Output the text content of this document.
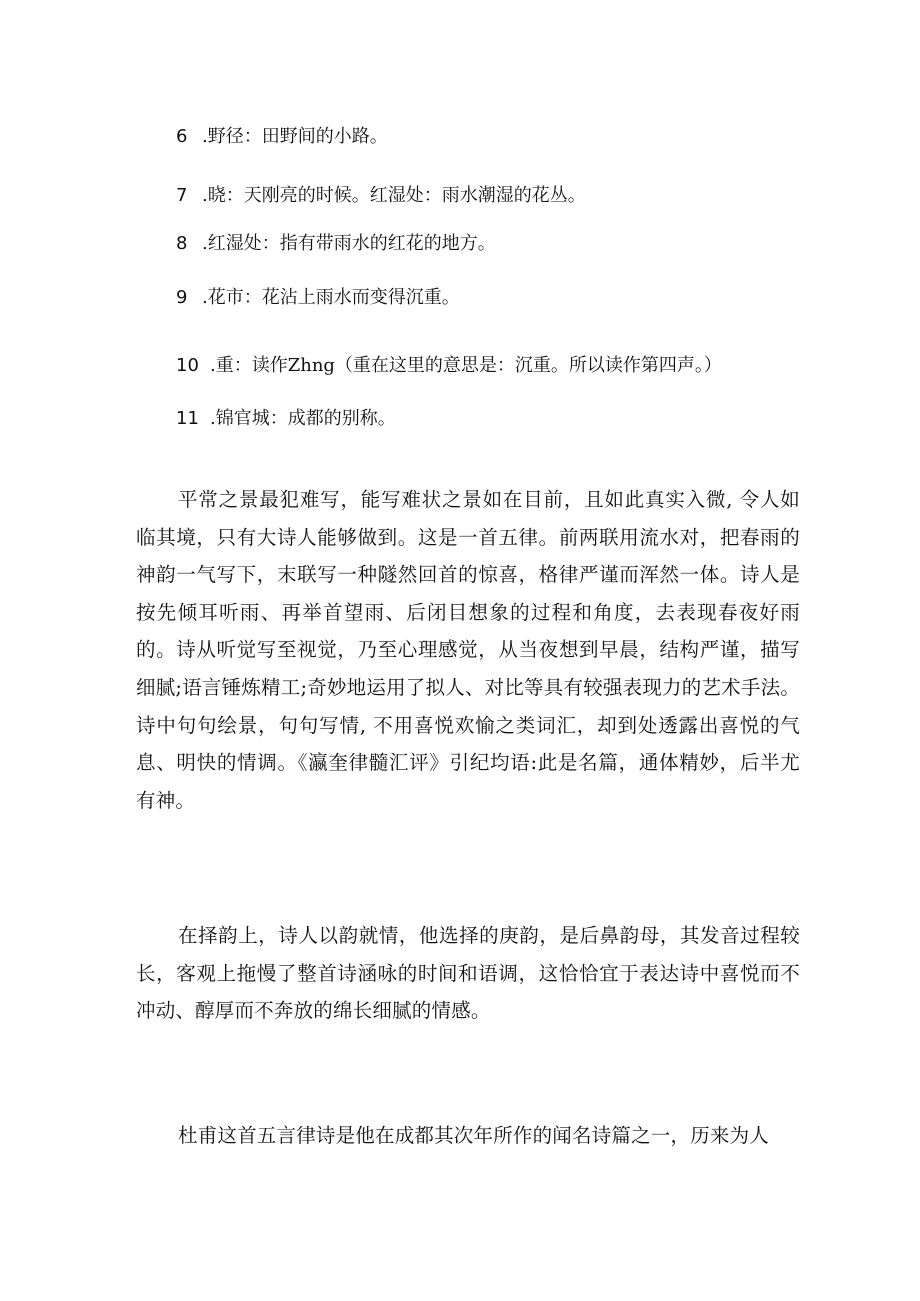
6 .野径：田野间的小路。
7 .晓：天刚亮的时候。红湿处：雨水潮湿的花丛。
8 .红湿处：指有带雨水的红花的地方。
9 .花市：花沾上雨水而变得沉重。
10 .重：读作Zhng（重在这里的意思是：沉重。所以读作第四声。）
11 .锦官城：成都的别称。

平常之景最犯难写，能写难状之景如在目前，且如此真实入微, 令人如临其境，只有大诗人能够做到。这是一首五律。前两联用流水对，把春雨的神韵一气写下，末联写一种隧然回首的惊喜，格律严谨而浑然一体。诗人是按先倾耳听雨、再举首望雨、后闭目想象的过程和角度，去表现春夜好雨的。诗从听觉写至视觉，乃至心理感觉，从当夜想到早晨，结构严谨，描写细腻;语言锤炼精工;奇妙地运用了拟人、对比等具有较强表现力的艺术手法。诗中句句绘景，句句写情, 不用喜悦欢愉之类词汇，却到处透露出喜悦的气息、明快的情调。《瀛奎律髓汇评》引纪均语:此是名篇，通体精妙，后半尤有神。

在择韵上，诗人以韵就情，他选择的庚韵，是后鼻韵母，其发音过程较长，客观上拖慢了整首诗涵咏的时间和语调，这恰恰宜于表达诗中喜悦而不冲动、醇厚而不奔放的绵长细腻的情感。

杜甫这首五言律诗是他在成都其次年所作的闻名诗篇之一，历来为人
